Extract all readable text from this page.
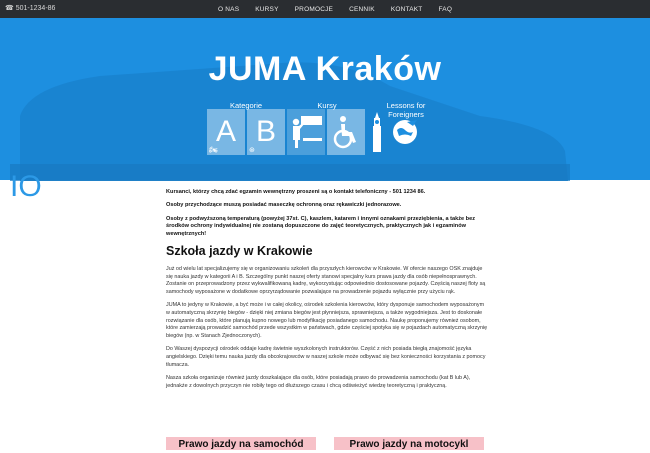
☎ 501-1234-86	O NAS	KURSY	PROMOCJE	CENNIK	KONTAKT	FAQ
IO
JUMA Kraków
Kategorie	Kursy	Lessons for Foreigners
A
🏍
B
⊛

Kursanci, którzy chcą zdać egzamin wewnętrzny proszeni są o kontakt telefoniczny - 501 1234 86.

Osoby przychodzące muszą posiadać maseczkę ochronną oraz rękawiczki jednorazowe.

Osoby z podwyższoną temperaturą (powyżej 37st. C), kaszlem, katarem i innymi oznakami przeziębienia, a także bez środków ochrony indywidualnej nie zostaną dopuszczone do zajęć teoretycznych, praktycznych jak i egzaminów wewnętrznych!

Szkoła jazdy w Krakowie

Już od wielu lat specjalizujemy się w organizowaniu szkoleń dla przyszłych kierowców w Krakowie. W ofercie naszego OSK znajduje się nauka jazdy w kategorii A i B. Szczególny punkt naszej oferty stanowi specjalny kurs prawa jazdy dla osób niepełnosprawnych. Zostanie on przeprowadzony przez wykwalifikowaną kadrę, wykorzystując odpowiednio dostosowane pojazdy. Częścią naszej floty są samochody wyposażone w dodatkowe oprzyrządowanie pozwalające na prowadzenie pojazdu wyłącznie przy użyciu rąk.

JUMA to jedyny w Krakowie, a być może i w całej okolicy, ośrodek szkolenia kierowców, który dysponuje samochodem wyposażonym w automatyczną skrzynię biegów - dzięki niej zmiana biegów jest płynniejsza, sprawniejsza, a także wygodniejsza. Jest to doskonałe rozwiązanie dla osób, które planują kupno nowego lub modyfikację posiadanego samochodu. Naukę proponujemy również osobom, które zamierzają prowadzić samochód przede wszystkim w państwach, gdzie częściej spotyka się w pojazdach automatyczną skrzynię biegów (np. w Stanach Zjednoczonych).

Do Waszej dyspozycji ośrodek oddaje kadrę świetnie wyszkolonych instruktorów. Część z nich posiada biegłą znajomość języka angielskiego. Dzięki temu nauka jazdy dla obcokrajowców w naszej szkole może odbywać się bez konieczności korzystania z pomocy tłumacza.

Nasza szkoła organizuje również jazdy doszkalające dla osób, które posiadają prawo do prowadzenia samochodu (kat B lub A), jednakże z dowolnych przyczyn nie robiły tego od dłuższego czasu i chcą odświeżyć wiedzę teoretyczną i praktyczną.

Prawo jazdy na samochód	Prawo jazdy na motocykl
